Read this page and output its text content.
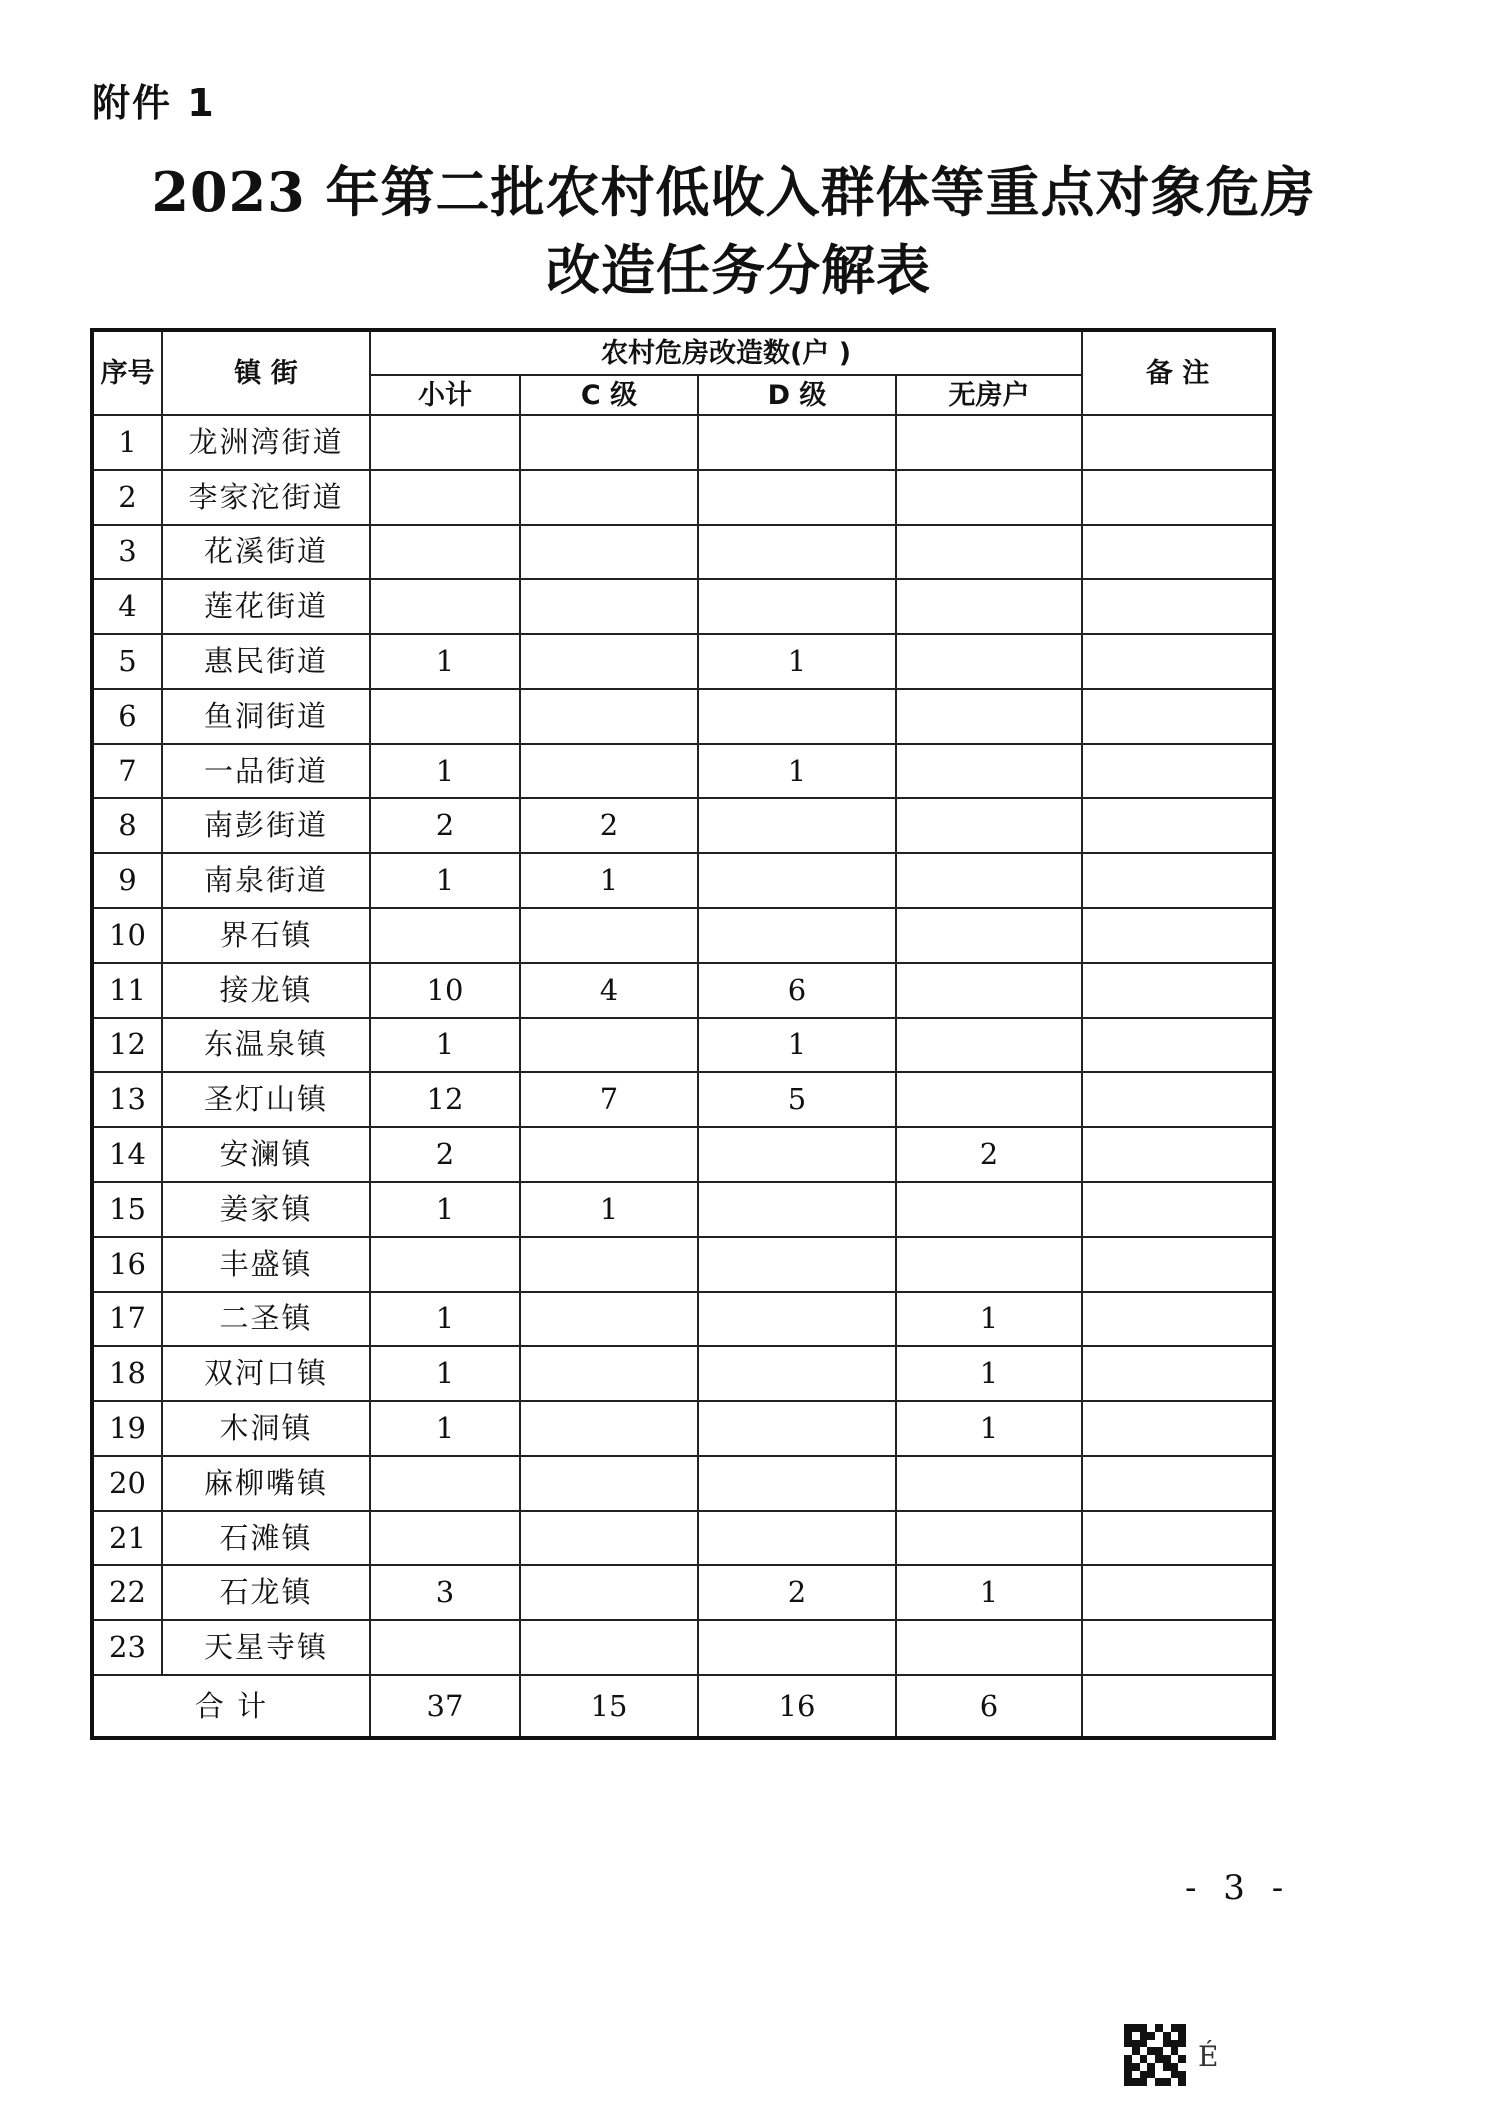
附件 1
2023 年第二批农村低收入群体等重点对象危房
改造任务分解表
序号	镇 街	农村危房改造数(户 )				备 注
		小计	C 级	D 级	无房户	
1	龙洲湾街道					
2	李家沱街道					
3	花溪街道					
4	莲花街道					
5	惠民街道	1		1		
6	鱼洞街道					
7	一品街道	1		1		
8	南彭街道	2	2			
9	南泉街道	1	1			
10	界石镇					
11	接龙镇	10	4	6		
12	东温泉镇	1		1		
13	圣灯山镇	12	7	5		
14	安澜镇	2			2	
15	姜家镇	1	1			
16	丰盛镇					
17	二圣镇	1			1	
18	双河口镇	1			1	
19	木洞镇	1			1	
20	麻柳嘴镇					
21	石滩镇					
22	石龙镇	3		2	1	
23	天星寺镇					
合 计		37	15	16	6	
- 3 -
É
